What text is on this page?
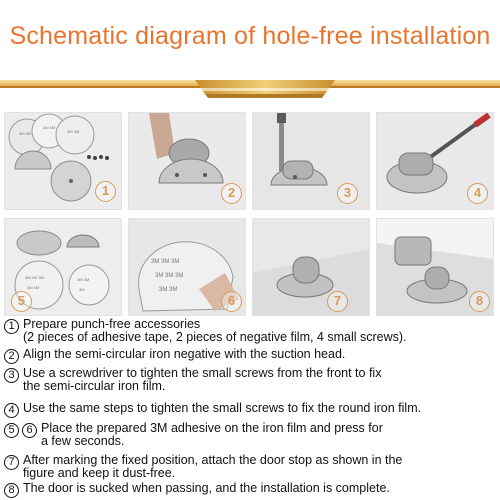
Schematic diagram of hole-free installation
3M 3M
3M 3M
3M 3M
1	2	3	4
3M 3M 3M
3M 3M
3M 3M
3M
5
3M 3M 3M
3M 3M 3M
3M 3M
6	7	8
1 Prepare punch-free accessories
(2 pieces of adhesive tape, 2 pieces of negative film, 4 small screws).
2 Align the semi-circular iron negative with the suction head.
3 Use a screwdriver to tighten the small screws from the front to fix
the semi-circular iron film.
4 Use the same steps to tighten the small screws to fix the round iron film.
5	6 Place the prepared 3M adhesive on the iron film and press for
a few seconds.
7 After marking the fixed position, attach the door stop as shown in the
figure and keep it dust-free.
8 The door is sucked when passing, and the installation is complete.
